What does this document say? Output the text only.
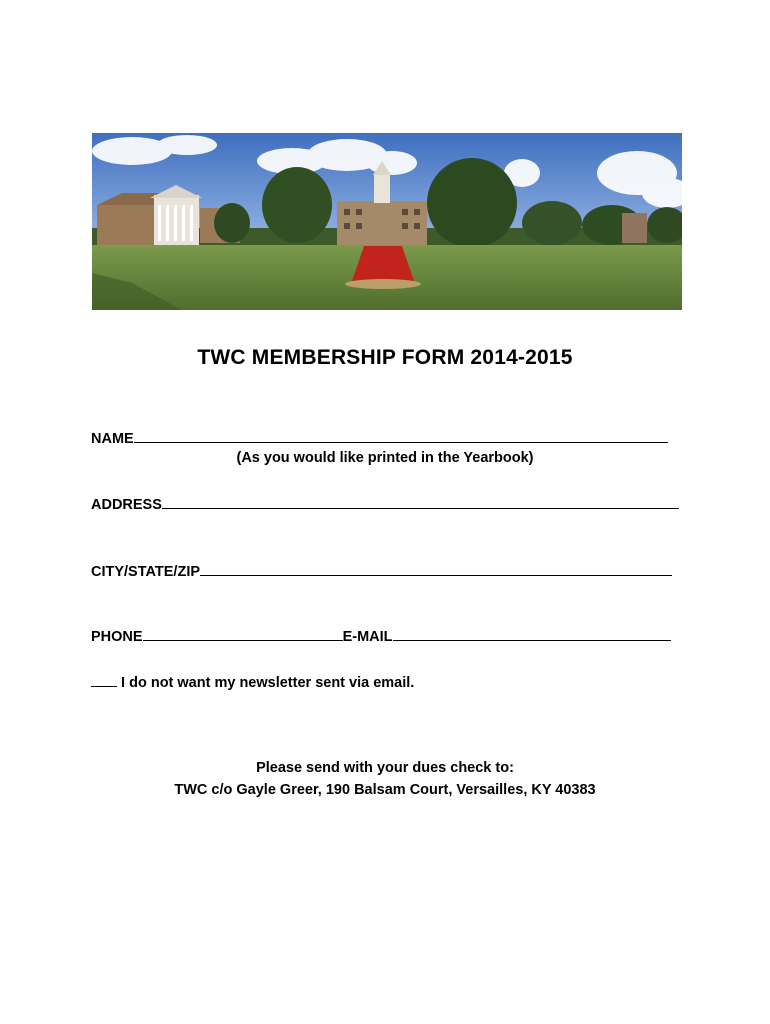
TWC MEMBERSHIP FORM 2014-2015
NAME
(As you would like printed in the Yearbook)
ADDRESS
CITY/STATE/ZIP
PHONE	E-MAIL
I do not want my newsletter sent via email.
Please send with your dues check to:
TWC c/o Gayle Greer, 190 Balsam Court, Versailles, KY 40383
